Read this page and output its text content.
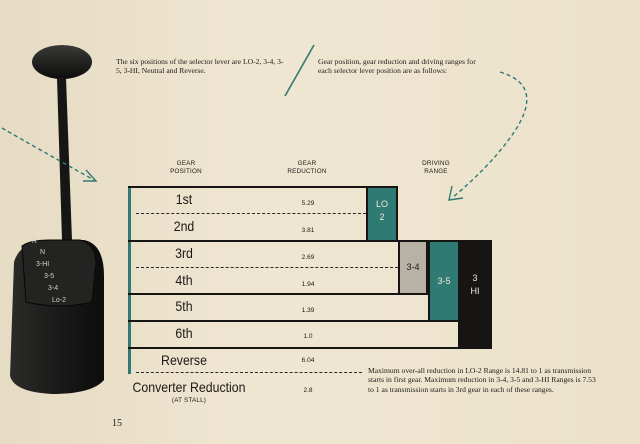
R
N
3-HI
3-5
3-4
Lo-2
The six positions of the selector lever are LO-2, 3-4, 3-5, 3-HI, Neutral and Reverse.
Gear position, gear reduction and driving ranges for each selector lever position are as follows:
GEAR
POSITION
GEAR
REDUCTION
DRIVING
RANGE
1st
2nd
3rd
4th
5th
6th
Reverse
Converter Reduction
(AT STALL)
5.29
3.81
2.69
1.94
1.39
1.0
6.04
2.8
LO
2
3-4
3-5	3
HI
Maximum over-all reduction in LO-2 Range is 14.81 to 1 as transmission starts in first gear. Maximum reduction in 3-4, 3-5 and 3-HI Ranges is 7.53 to 1 as transmission starts in 3rd gear in each of these ranges.
15
